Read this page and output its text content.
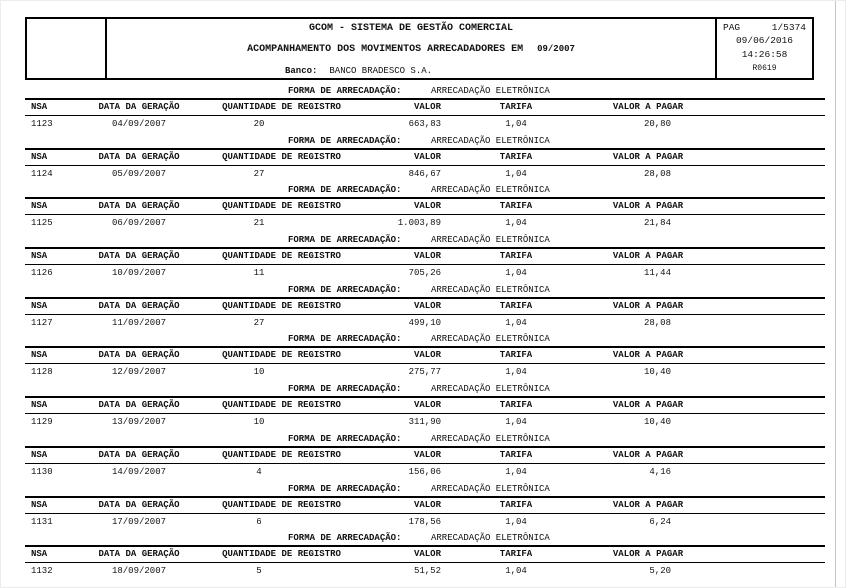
GCOM - SISTEMA DE GESTÃO COMERCIAL
ACOMPANHAMENTO DOS MOVIMENTOS ARRECADADORES EM 09/2007
Banco: BANCO BRADESCO S.A.
PAG	1/5374
09/06/2016
14:26:58
R0619
FORMA DE ARRECADAÇÃO:	ARRECADAÇÃO ELETRÔNICA
NSA	DATA DA GERAÇÃO	QUANTIDADE DE REGISTRO	VALOR	TARIFA	VALOR A PAGAR
1123	04/09/2007	20	663,83	1,04	20,80
FORMA DE ARRECADAÇÃO:	ARRECADAÇÃO ELETRÔNICA
NSA	DATA DA GERAÇÃO	QUANTIDADE DE REGISTRO	VALOR	TARIFA	VALOR A PAGAR
1124	05/09/2007	27	846,67	1,04	28,08
FORMA DE ARRECADAÇÃO:	ARRECADAÇÃO ELETRÔNICA
NSA	DATA DA GERAÇÃO	QUANTIDADE DE REGISTRO	VALOR	TARIFA	VALOR A PAGAR
1125	06/09/2007	21	1.003,89	1,04	21,84
FORMA DE ARRECADAÇÃO:	ARRECADAÇÃO ELETRÔNICA
NSA	DATA DA GERAÇÃO	QUANTIDADE DE REGISTRO	VALOR	TARIFA	VALOR A PAGAR
1126	10/09/2007	11	705,26	1,04	11,44
FORMA DE ARRECADAÇÃO:	ARRECADAÇÃO ELETRÔNICA
NSA	DATA DA GERAÇÃO	QUANTIDADE DE REGISTRO	VALOR	TARIFA	VALOR A PAGAR
1127	11/09/2007	27	499,10	1,04	28,08
FORMA DE ARRECADAÇÃO:	ARRECADAÇÃO ELETRÔNICA
NSA	DATA DA GERAÇÃO	QUANTIDADE DE REGISTRO	VALOR	TARIFA	VALOR A PAGAR
1128	12/09/2007	10	275,77	1,04	10,40
FORMA DE ARRECADAÇÃO:	ARRECADAÇÃO ELETRÔNICA
NSA	DATA DA GERAÇÃO	QUANTIDADE DE REGISTRO	VALOR	TARIFA	VALOR A PAGAR
1129	13/09/2007	10	311,90	1,04	10,40
FORMA DE ARRECADAÇÃO:	ARRECADAÇÃO ELETRÔNICA
NSA	DATA DA GERAÇÃO	QUANTIDADE DE REGISTRO	VALOR	TARIFA	VALOR A PAGAR
1130	14/09/2007	4	156,06	1,04	4,16
FORMA DE ARRECADAÇÃO:	ARRECADAÇÃO ELETRÔNICA
NSA	DATA DA GERAÇÃO	QUANTIDADE DE REGISTRO	VALOR	TARIFA	VALOR A PAGAR
1131	17/09/2007	6	178,56	1,04	6,24
FORMA DE ARRECADAÇÃO:	ARRECADAÇÃO ELETRÔNICA
NSA	DATA DA GERAÇÃO	QUANTIDADE DE REGISTRO	VALOR	TARIFA	VALOR A PAGAR
1132	18/09/2007	5	51,52	1,04	5,20
